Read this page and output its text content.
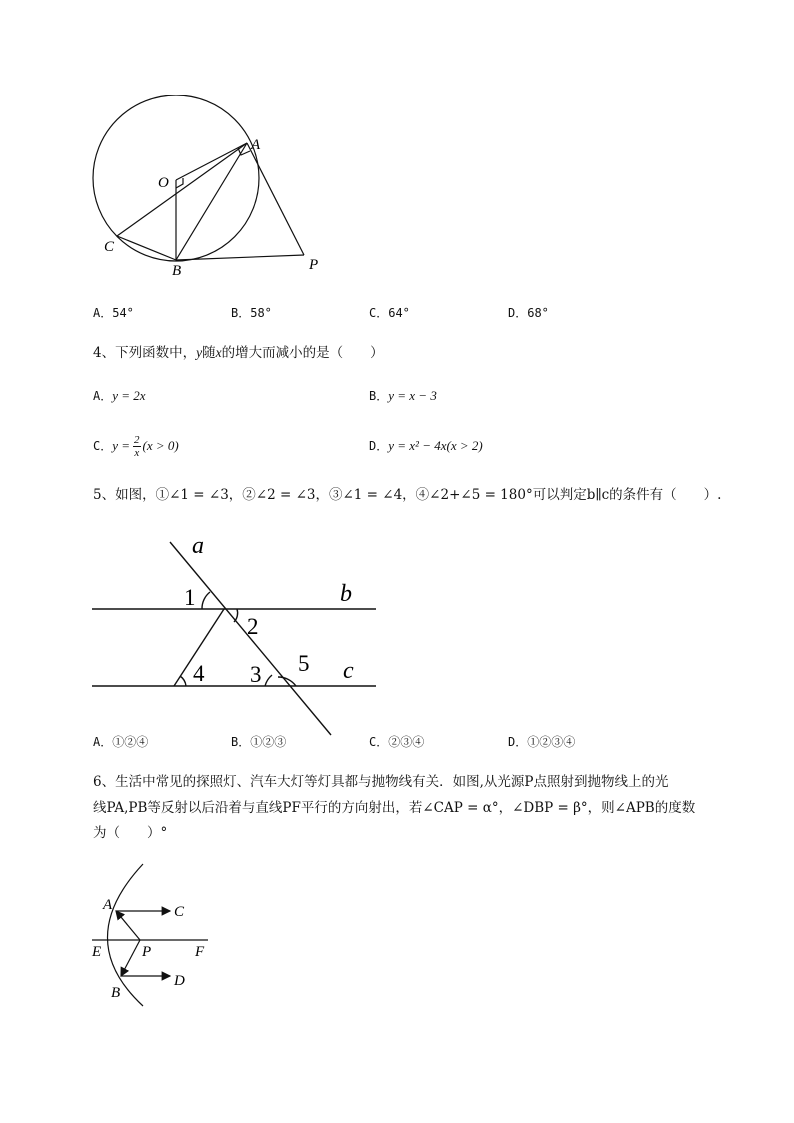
O
A
C
B	P
A．54°	B．58°	C．64°	D．68°
4、下列函数中，y随x的增大而减小的是（　　）
A．y = 2x	B．y = x − 3
C． $y = \frac{2}{x} (x > 0)$	D．y = x² − 4x(x > 2)
5、如图，①∠1 = ∠3，②∠2 = ∠3，③∠1 = ∠4，④∠2+∠5 = 180°可以判定b∥c的条件有（　　）.
a
b
c
1
2
3
4	5
A．①②④	B．①②③	C．②③④	D．①②③④
6、生活中常见的探照灯、汽车大灯等灯具都与抛物线有关．如图,从光源P点照射到抛物线上的光
线PA,PB等反射以后沿着与直线PF平行的方向射出，若∠CAP = α°，∠DBP = β°，则∠APB的度数
为（　　）°
A	C
E	P	F
B
D
